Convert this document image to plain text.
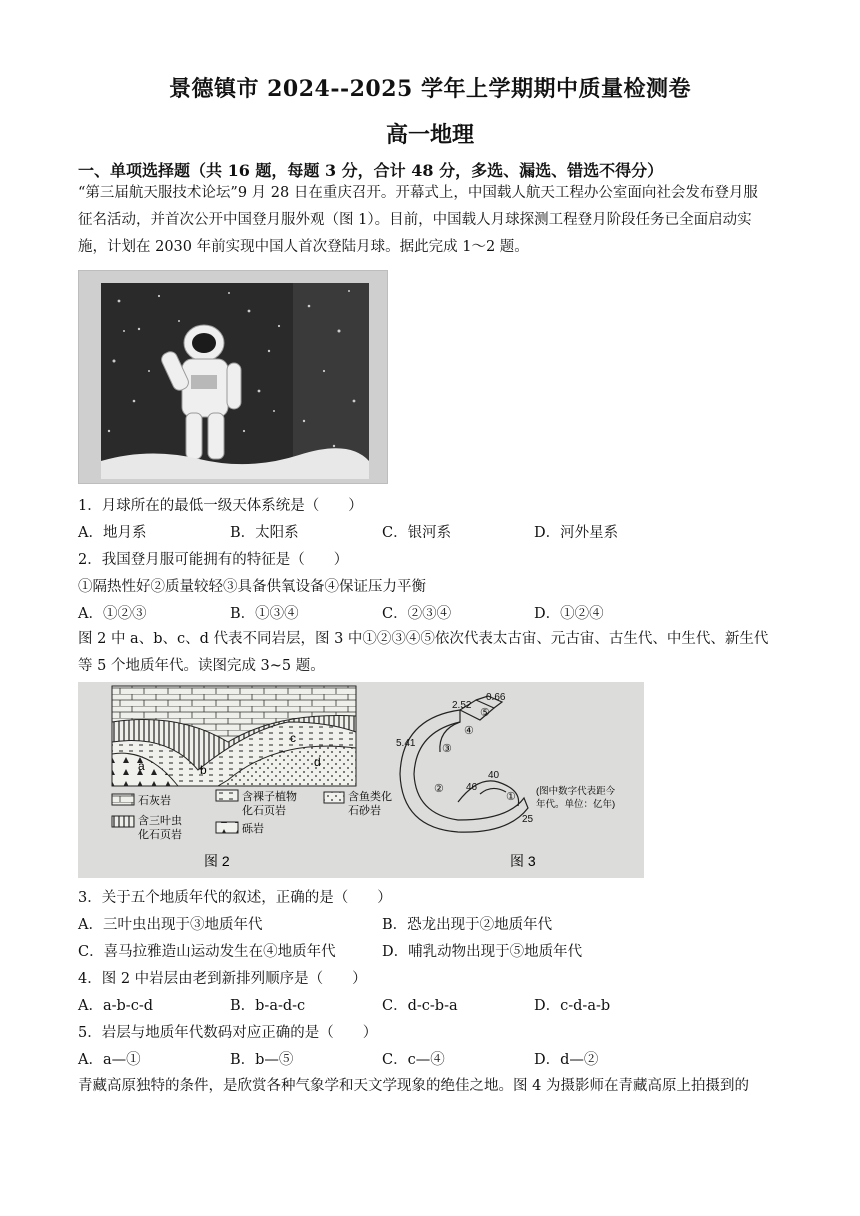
景德镇市 2024--2025 学年上学期期中质量检测卷
高一地理
一、单项选择题（共 16 题，每题 3 分，合计 48 分，多选、漏选、错选不得分）
“第三届航天服技术论坛”9 月 28 日在重庆召开。开幕式上，中国载人航天工程办公室面向社会发布登月服
征名活动，并首次公开中国登月服外观（图 1）。目前，中国载人月球探测工程登月阶段任务已全面启动实
施，计划在 2030 年前实现中国人首次登陆月球。据此完成 1～2 题。
1．月球所在的最低一级天体系统是（　　）
A．地月系	B．太阳系	C．银河系	D．河外星系
2．我国登月服可能拥有的特征是（　　）
①隔热性好②质量较轻③具备供氧设备④保证压力平衡
A．①②③	B．①③④	C．②③④	D．①②④
图 2 中 a、b、c、d 代表不同岩层，图 3 中①②③④⑤依次代表太古宙、元古宙、古生代、中生代、新生代
等 5 个地质年代。读图完成 3~5 题。
a	b
c
d
石灰岩
含三叶虫
化石页岩
含裸子植物
化石页岩
砾岩
含鱼类化
石砂岩
图 2
2.52
0.66
5.41
40
46
25
①
②
③
④
⑤
(图中数字代表距今
年代。单位：亿年)
图 3
3．关于五个地质年代的叙述，正确的是（　　）
A．三叶虫出现于③地质年代	B．恐龙出现于②地质年代
C．喜马拉雅造山运动发生在④地质年代	D．哺乳动物出现于⑤地质年代
4．图 2 中岩层由老到新排列顺序是（　　）
A．a-b-c-d	B．b-a-d-c	C．d-c-b-a	D．c-d-a-b
5．岩层与地质年代数码对应正确的是（　　）
A．a—①	B．b—⑤	C．c—④	D．d—②
青藏高原独特的条件，是欣赏各种气象学和天文学现象的绝佳之地。图 4 为摄影师在青藏高原上拍摄到的
